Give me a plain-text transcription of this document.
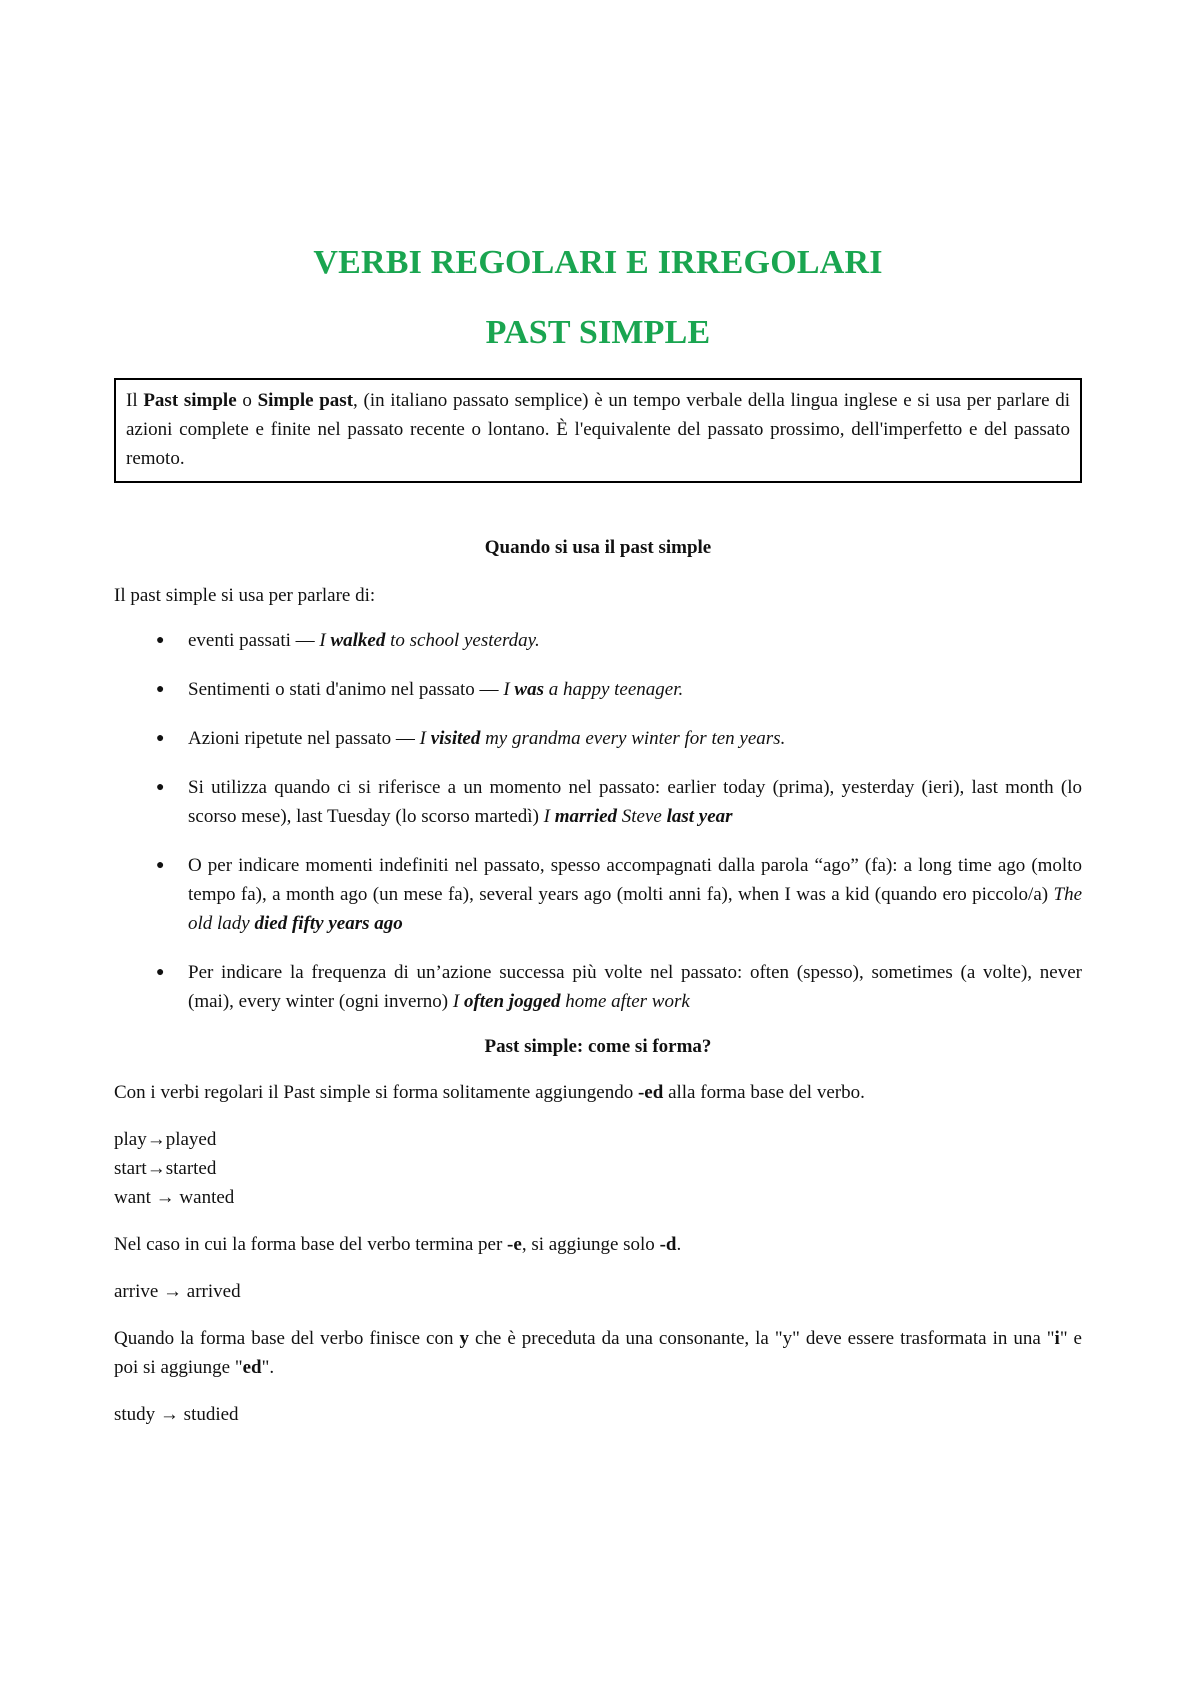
VERBI REGOLARI E IRREGOLARI
PAST SIMPLE
Il Past simple o Simple past, (in italiano passato semplice) è un tempo verbale della lingua inglese e si usa per parlare di azioni complete e finite nel passato recente o lontano. È l'equivalente del passato prossimo, dell'imperfetto e del passato remoto.
Quando si usa il past simple

Il past simple si usa per parlare di:

● eventi passati — I walked to school yesterday.
● Sentimenti o stati d'animo nel passato — I was a happy teenager.
● Azioni ripetute nel passato — I visited my grandma every winter for ten years.
● Si utilizza quando ci si riferisce a un momento nel passato: earlier today (prima), yesterday (ieri), last month (lo scorso mese), last Tuesday (lo scorso martedì) I married Steve last year
● O per indicare momenti indefiniti nel passato, spesso accompagnati dalla parola “ago” (fa): a long time ago (molto tempo fa), a month ago (un mese fa), several years ago (molti anni fa), when I was a kid (quando ero piccolo/a) The old lady died fifty years ago
● Per indicare la frequenza di un’azione successa più volte nel passato: often (spesso), sometimes (a volte), never (mai), every winter (ogni inverno) I often jogged home after work
Past simple: come si forma?

Con i verbi regolari il Past simple si forma solitamente aggiungendo -ed alla forma base del verbo.

play→played
start→started
want → wanted

Nel caso in cui la forma base del verbo termina per -e, si aggiunge solo -d.

arrive → arrived

Quando la forma base del verbo finisce con y che è preceduta da una consonante, la "y" deve essere trasformata in una "i" e poi si aggiunge "ed".

study → studied
